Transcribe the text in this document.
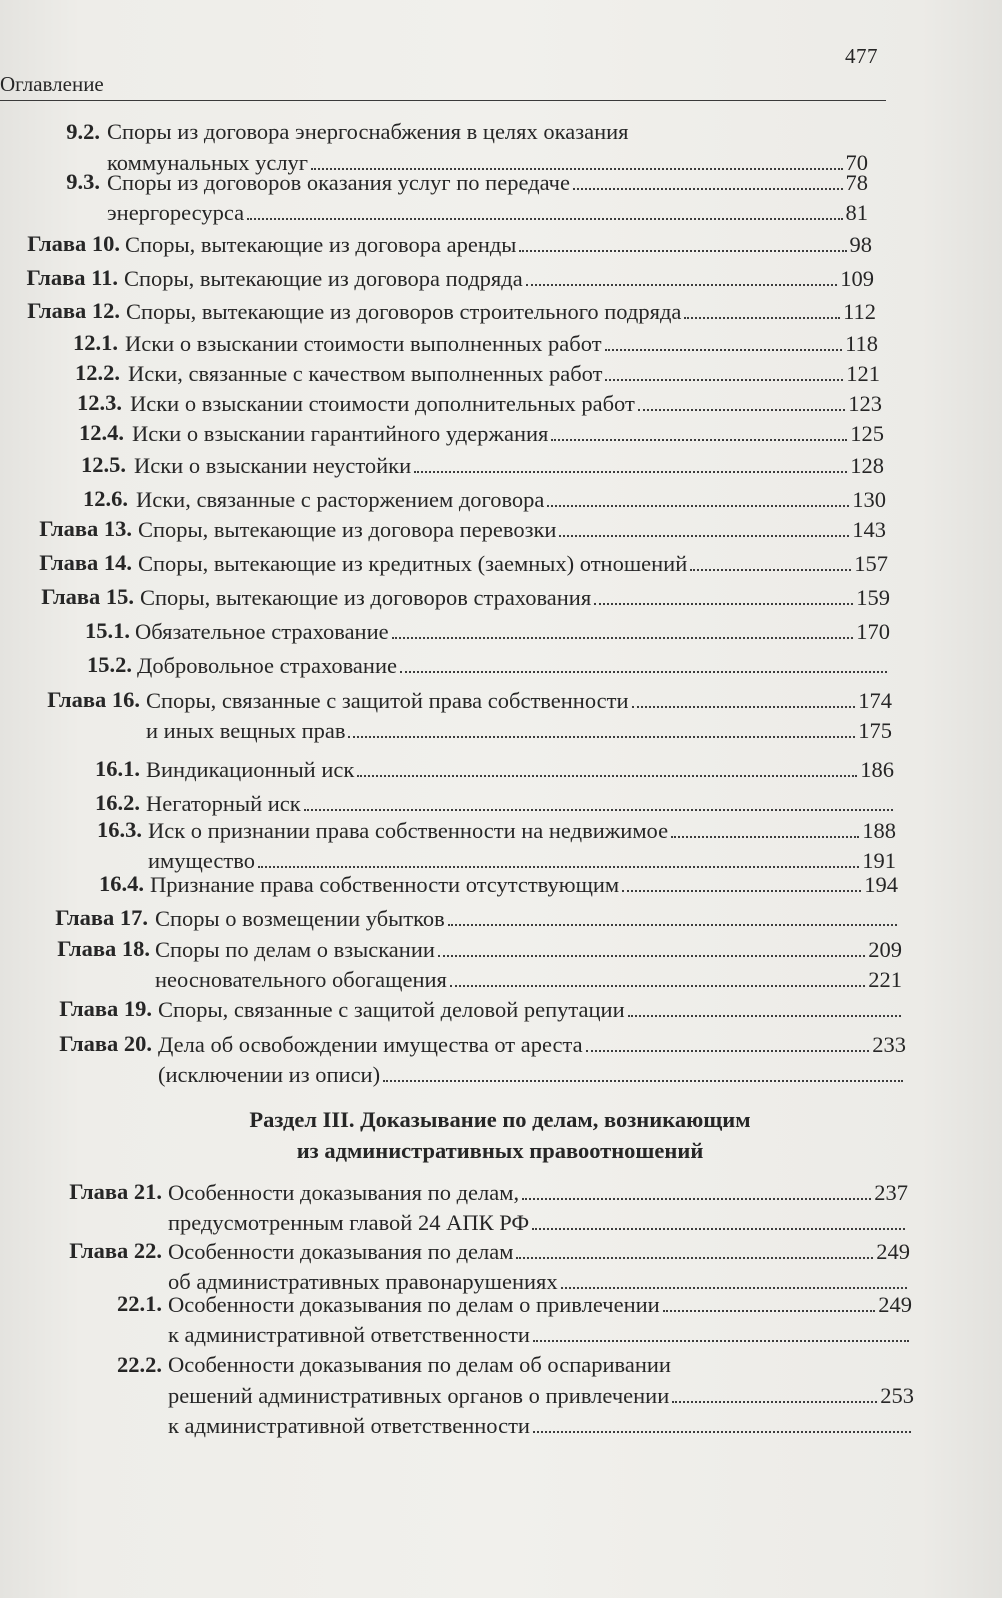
477
Оглавление
9.2. Споры из договора энергоснабжения в целях оказания
коммунальных услуг	70
9.3. Споры из договоров оказания услуг по передаче	78
энергоресурса	81
Глава 10. Споры, вытекающие из договора аренды	98
Глава 11. Споры, вытекающие из договора подряда	109
Глава 12. Споры, вытекающие из договоров строительного подряда	112
12.1. Иски о взыскании стоимости выполненных работ	118
12.2. Иски, связанные с качеством выполненных работ	121
12.3. Иски о взыскании стоимости дополнительных работ	123
12.4. Иски о взыскании гарантийного удержания	125
12.5. Иски о взыскании неустойки	128
12.6. Иски, связанные с расторжением договора	130
Глава 13. Споры, вытекающие из договора перевозки	143
Глава 14. Споры, вытекающие из кредитных (заемных) отношений	157
Глава 15. Споры, вытекающие из договоров страхования	159
15.1. Обязательное страхование	170
15.2. Добровольное страхование
Глава 16. Споры, связанные с защитой права собственности	174
и иных вещных прав	175
16.1. Виндикационный иск	186
16.2. Негаторный иск
16.3. Иск о признании права собственности на недвижимое	188
имущество	191
16.4. Признание права собственности отсутствующим	194
Глава 17. Споры о возмещении убытков
Глава 18. Споры по делам о взыскании	209
неосновательного обогащения	221
Глава 19. Споры, связанные с защитой деловой репутации
Глава 20. Дела об освобождении имущества от ареста	233
(исключении из описи)
Глава 21. Особенности доказывания по делам,	237
предусмотренным главой 24 АПК РФ
Глава 22. Особенности доказывания по делам	249
об административных правонарушениях
22.1. Особенности доказывания по делам о привлечении	249
к административной ответственности
22.2. Особенности доказывания по делам об оспаривании
решений административных органов о привлечении	253
к административной ответственности
Раздел III. Доказывание по делам, возникающим
из административных правоотношений
